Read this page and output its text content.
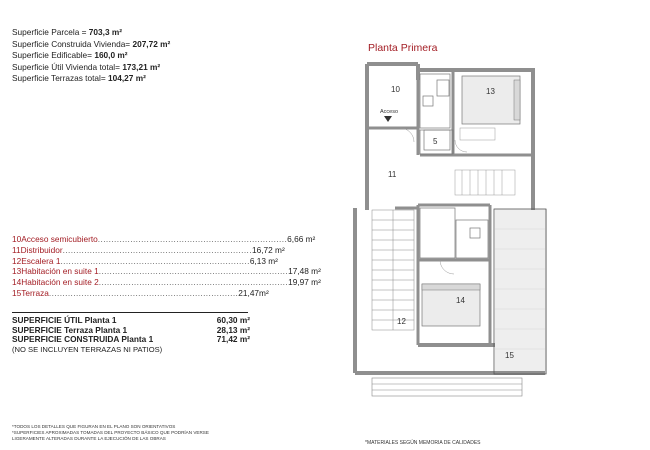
Superficie Parcela = 703,3 m²
Superficie Construida Vivienda= 207,72 m²
Superficie Edificable= 160,0 m²
Superficie Útil Vivienda total= 173,21 m²
Superficie Terrazas total= 104,27 m²
10 Acceso semicubierto ...................................................................... 6,66 m²
11 Distribuidor ...................................................................... 16,72 m²
12 Escalera 1 ...................................................................... 6,13 m²
13 Habitación en suite 1 ...................................................................... 17,48 m²
14 Habitación en suite 2 ...................................................................... 19,97 m²
15 Terraza ...................................................................... 21,47m²
SUPERFICIE ÚTIL Planta 1	60,30 m²
SUPERFICIE Terraza Planta 1	28,13 m²
SUPERFICIE CONSTRUIDA Planta 1	71,42 m²
(NO SE INCLUYEN TERRAZAS NI PATIOS)
*TODOS LOS DETALLES QUE FIGURAN EN EL PLANO SON ORIENTATIVOS
*SUPERFICIES APROXIMADAS TOMADAS DEL PROYECTO BÁSICO QUE PODRÍAN VERSE
LIGERAMENTE ALTERADAS DURANTE LA EJECUCIÓN DE LAS OBRAS
*MATERIALES SEGÚN MEMORIA DE CALIDADES
Planta Primera
10
Acceso
13
5
11
14
12
15
